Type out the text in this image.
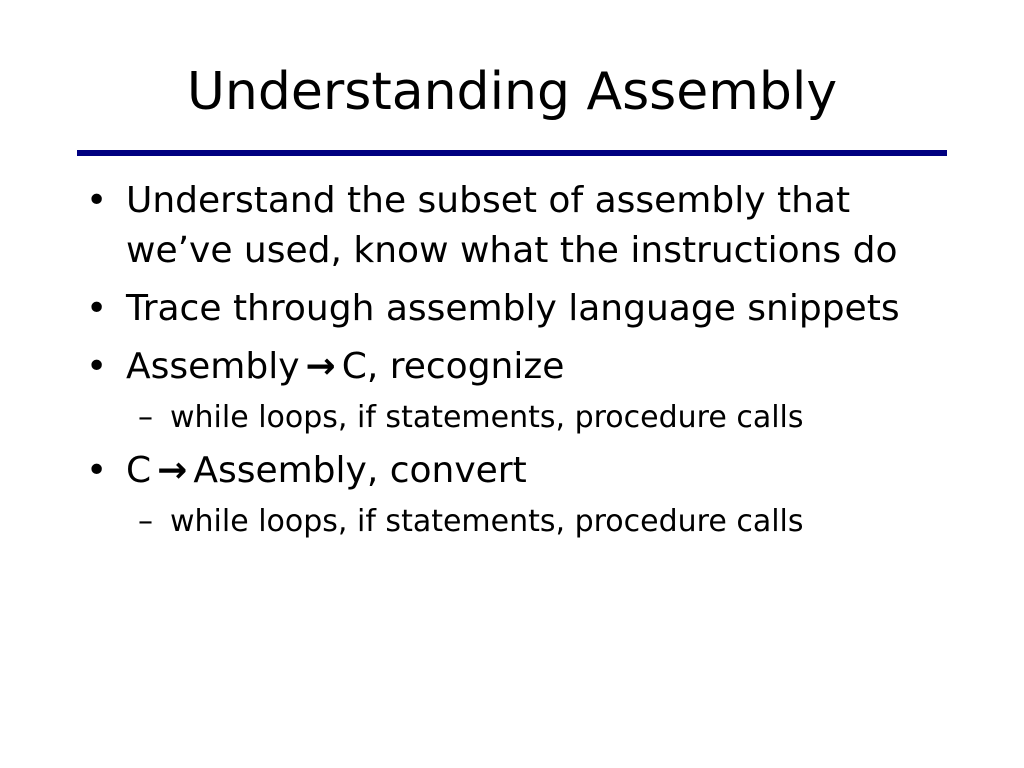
Understanding Assembly
• Understand the subset of assembly that we’ve used, know what the instructions do
• Trace through assembly language snippets
• Assembly → C, recognize
– while loops, if statements, procedure calls
• C → Assembly, convert
– while loops, if statements, procedure calls
